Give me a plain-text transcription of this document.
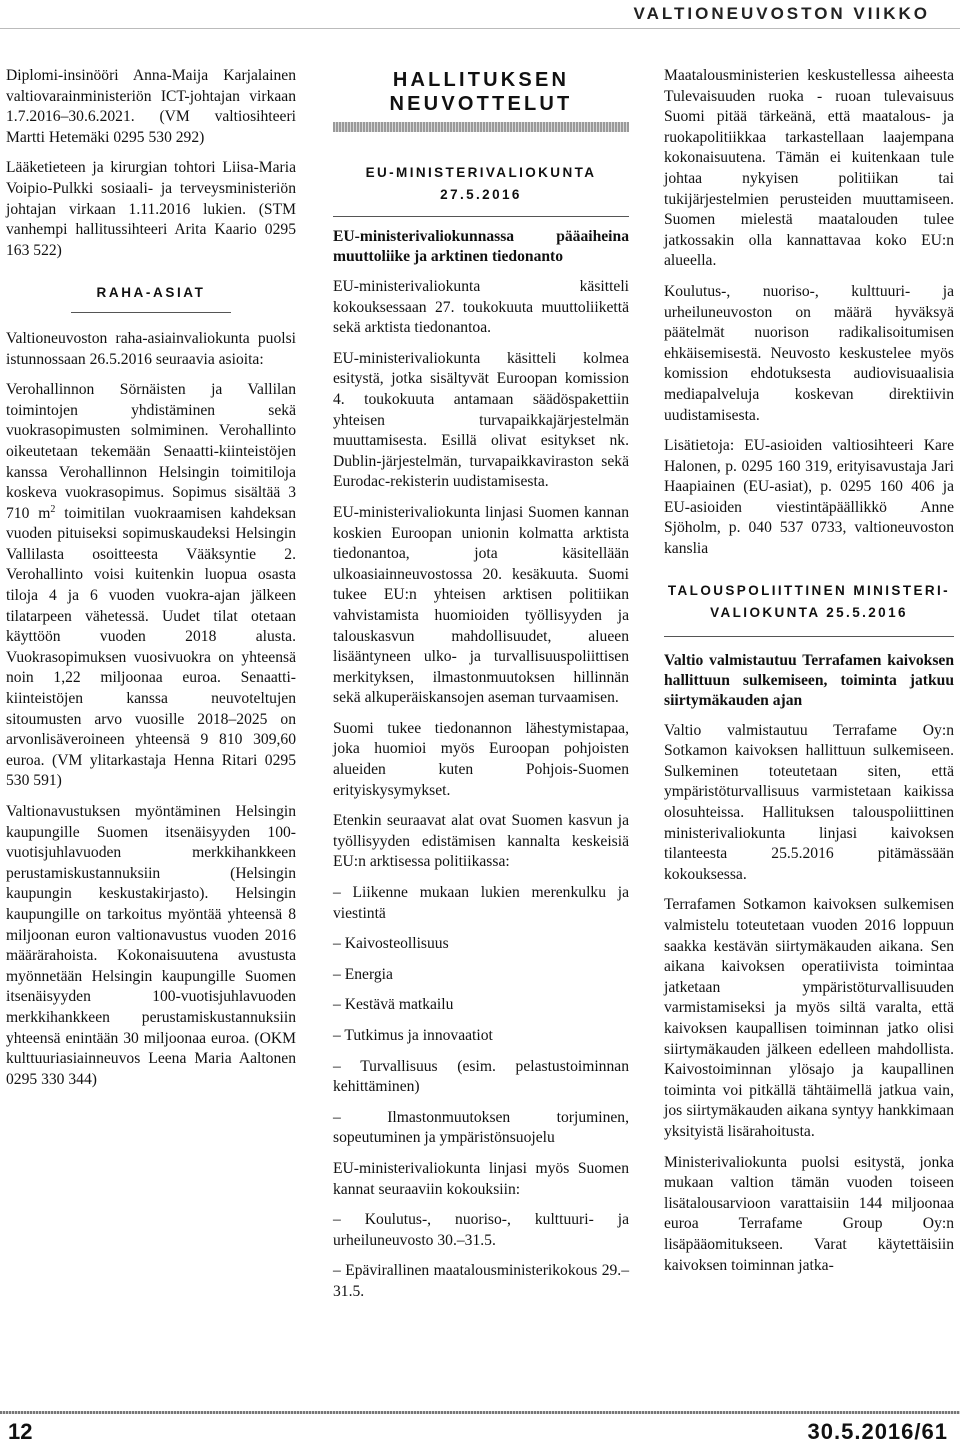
VALTIONEUVOSTON VIIKKO

Diplomi-insinööri Anna-Maija Karjalainen valtiovarainministeriön ICT-johtajan virkaan 1.7.2016–30.6.2021. (VM valtiosihteeri Martti Hetemäki 0295 530 292)

Lääketieteen ja kirurgian tohtori Liisa-Maria Voipio-Pulkki sosiaali- ja terveysministeriön johtajan virkaan 1.11.2016 lukien. (STM vanhempi hallitussihteeri Arita Kaario 0295 163 522)

RAHA-ASIAT

Valtioneuvoston raha-asiainvaliokunta puolsi istunnossaan 26.5.2016 seuraavia asioita:

Verohallinnon Sörnäisten ja Vallilan toimintojen yhdistäminen sekä vuokrasopimusten solmiminen. Verohallinto oikeutetaan tekemään Senaatti-kiinteistöjen kanssa Verohallinnon Helsingin toimitiloja koskeva vuokrasopimus. Sopimus sisältää 3 710 $m^2$ toimitilan vuokraamisen kahdeksan vuoden pituiseksi sopimuskaudeksi Helsingin Vallilasta osoitteesta Vääksyntie 2. Verohallinto voisi kuitenkin luopua osasta tiloja 4 ja 6 vuoden vuokra-ajan jälkeen tilatarpeen vähetessä. Uudet tilat otetaan käyttöön vuoden 2018 alusta. Vuokrasopimuksen vuosivuokra on yhteensä noin 1,22 miljoonaa euroa. Senaatti-kiinteistöjen kanssa neuvoteltujen sitoumusten arvo vuosille 2018–2025 on arvonlisäveroineen yhteensä 9 810 309,60 euroa. (VM ylitarkastaja Henna Ritari 0295 530 591)

Valtionavustuksen myöntäminen Helsingin kaupungille Suomen itsenäisyyden 100-vuotisjuhlavuoden merkkihankkeen perustamiskustannuksiin (Helsingin kaupungin keskustakirjasto). Helsingin kaupungille on tarkoitus myöntää yhteensä 8 miljoonan euron valtionavustus vuoden 2016 määrärahoista. Kokonaisuutena avustusta myönnetään Helsingin kaupungille Suomen itsenäisyyden 100-vuotisjuhlavuoden merkkihankkeen perustamiskustannuksiin yhteensä enintään 30 miljoonaa euroa. (OKM kulttuuriasiainneuvos Leena Maria Aaltonen 0295 330 344)

HALLITUKSEN NEUVOTTELUT
EU-MINISTERIVALIOKUNTA
27.5.2016

EU-ministerivaliokunnassa pääaiheina muuttoliike ja arktinen tiedonanto

EU-ministerivaliokunta käsitteli kokouksessaan 27. toukokuuta muuttoliikettä sekä arktista tiedonantoa.

EU-ministerivaliokunta käsitteli kolmea esitystä, jotka sisältyvät Euroopan komission 4. toukokuuta antamaan säädöspakettiin yhteisen turvapaikkajärjestelmän muuttamisesta. Esillä olivat esitykset nk. Dublin-järjestelmän, turvapaikkaviraston sekä Eurodac-rekisterin uudistamisesta.

EU-ministerivaliokunta linjasi Suomen kannan koskien Euroopan unionin kolmatta arktista tiedonantoa, jota käsitellään ulkoasiainneuvostossa 20. kesäkuuta. Suomi tukee EU:n yhteisen arktisen politiikan vahvistamista huomioiden työllisyyden ja talouskasvun mahdollisuudet, alueen lisääntyneen ulko- ja turvallisuuspoliittisen merkityksen, ilmastonmuutoksen hillinnän sekä alkuperäiskansojen aseman turvaamisen.

Suomi tukee tiedonannon lähestymistapaa, joka huomioi myös Euroopan pohjoisten alueiden kuten Pohjois-Suomen erityiskysymykset.

Etenkin seuraavat alat ovat Suomen kasvun ja työllisyyden edistämisen kannalta keskeisiä EU:n arktisessa politiikassa:

– Liikenne mukaan lukien merenkulku ja viestintä
– Kaivosteollisuus
– Energia
– Kestävä matkailu
– Tutkimus ja innovaatiot
– Turvallisuus (esim. pelastustoiminnan kehittäminen)
– Ilmastonmuutoksen torjuminen, sopeutuminen ja ympäristönsuojelu

EU-ministerivaliokunta linjasi myös Suomen kannat seuraaviin kokouksiin:

– Koulutus-, nuoriso-, kulttuuri- ja urheiluneuvosto 30.–31.5.
– Epävirallinen maatalousministerikokous 29.–31.5.

Maatalousministerien keskustellessa aiheesta Tulevaisuuden ruoka - ruoan tulevaisuus Suomi pitää tärkeänä, että maatalous- ja ruokapolitiikkaa tarkastellaan laajempana kokonaisuutena. Tämän ei kuitenkaan tule johtaa nykyisen politiikan tai tukijärjestelmien perusteiden muuttamiseen. Suomen mielestä maatalouden tulee jatkossakin olla kannattavaa koko EU:n alueella.

Koulutus-, nuoriso-, kulttuuri- ja urheiluneuvoston on määrä hyväksyä päätelmät nuorison radikalisoitumisen ehkäisemisestä. Neuvosto keskustelee myös komission ehdotuksesta audiovisuaalisia mediapalveluja koskevan direktiivin uudistamisesta.

Lisätietoja: EU-asioiden valtiosihteeri Kare Halonen, p. 0295 160 319, erityisavustaja Jari Haapiainen (EU-asiat), p. 0295 160 406 ja EU-asioiden viestintäpäällikkö Anne Sjöholm, p. 040 537 0733, valtioneuvoston kanslia

TALOUSPOLIITTINEN MINISTERI-
VALIOKUNTA 25.5.2016

Valtio valmistautuu Terrafamen kaivoksen hallittuun sulkemiseen, toiminta jatkuu siirtymäkauden ajan

Valtio valmistautuu Terrafame Oy:n Sotkamon kaivoksen hallittuun sulkemiseen. Sulkeminen toteutetaan siten, että ympäristöturvallisuus varmistetaan kaikissa olosuhteissa. Hallituksen talouspoliittinen ministerivaliokunta linjasi kaivoksen tilanteesta 25.5.2016 pitämässään kokouksessa.

Terrafamen Sotkamon kaivoksen sulkemisen valmistelu toteutetaan vuoden 2016 loppuun saakka kestävän siirtymäkauden aikana. Sen aikana kaivoksen operatiivista toimintaa jatketaan ympäristöturvallisuuden varmistamiseksi ja myös siltä varalta, että kaivoksen kaupallisen toiminnan jatko olisi siirtymäkauden jälkeen edelleen mahdollista. Kaivostoiminnan ylösajo ja kaupallinen toiminta voi pitkällä tähtäimellä jatkua vain, jos siirtymäkauden aikana syntyy hankkimaan yksityistä lisärahoitusta.

Ministerivaliokunta puolsi esitystä, jonka mukaan valtion tämän vuoden toiseen lisätalousarvioon varattaisiin 144 miljoonaa euroa Terrafame Group Oy:n lisäpääomitukseen. Varat käytettäisiin kaivoksen toiminnan jatka-

12	30.5.2016/61
